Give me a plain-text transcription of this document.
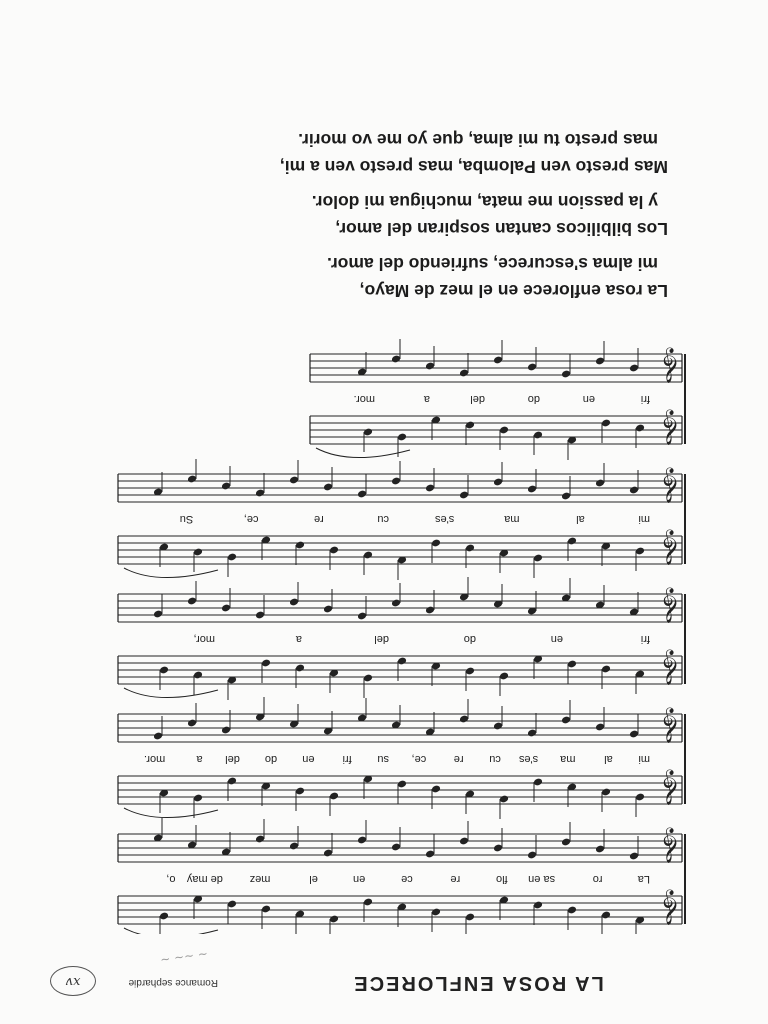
LA ROSA ENFLORECE
Romance sephardie
xv
~ ~~ ~
𝄞
𝄞
La
ro
sa en
flo
re
ce
en
el
mez
de may
o,
𝄞
𝄞
mi
al
ma
s'es
cu
re
ce,
su
fri
en
do
del
a
mor.
𝄞
𝄞
fri
en
do
del
a
mor,
𝄞
𝄞
mi
al
ma
s'es
cu
re
ce,
Su
𝄞
𝄞
fri
en
do
del
a
mor.
La rosa enflorece en el mez de Mayo,
mi alma s'escurece, sufriendo del amor.
Los bilbilicos cantan sospiran del amor,
y la passion me mata, muchigua mi dolor.
Mas presto ven Palomba, mas presto ven a mi,
mas presto tu mi alma, que yo me vo morir.
